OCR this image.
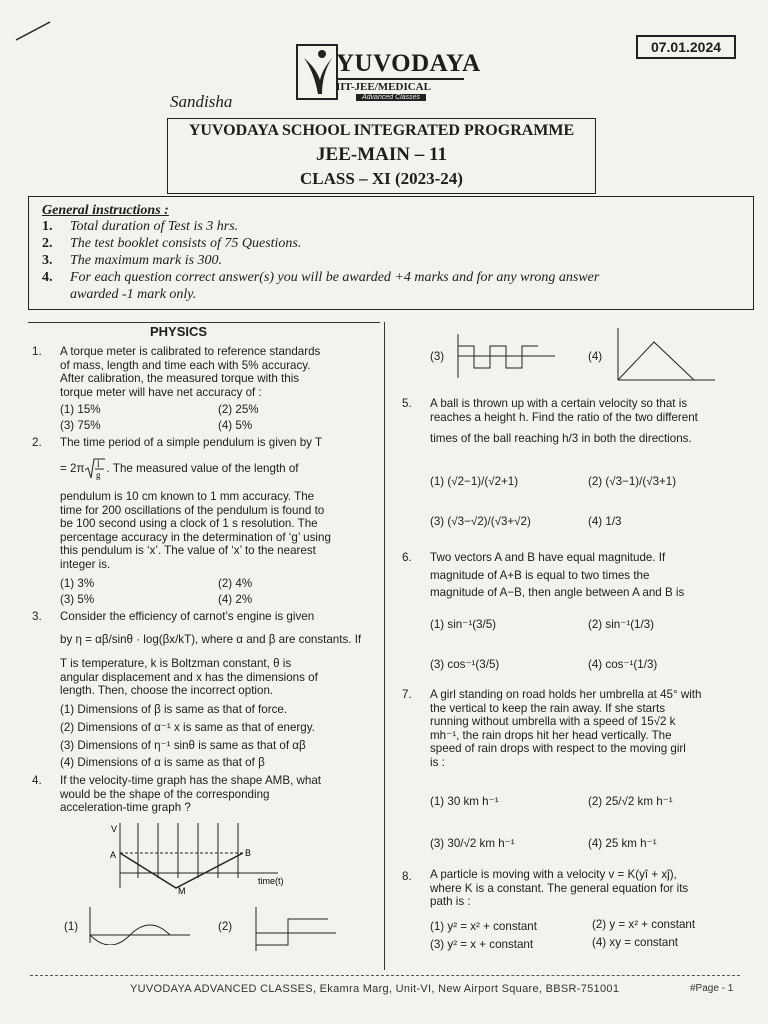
07.01.2024
YUVODAYA
IIT-JEE/MEDICAL
Advanced Classes
Sandisha
YUVODAYA SCHOOL INTEGRATED PROGRAMME
JEE-MAIN – 11
CLASS – XI (2023-24)
General instructions :
1. Total duration of Test is 3 hrs.
2. The test booklet consists of 75 Questions.
3. The maximum mark is 300.
4. For each question correct answer(s) you will be awarded +4 marks and for any wrong answer
awarded -1 mark only.
PHYSICS
1. A torque meter is calibrated to reference standards
of mass, length and time each with 5% accuracy.
After calibration, the measured torque with this
torque meter will have net accuracy of :
(1) 15%	(2) 25%
(3) 75%	(4) 5%
2. The time period of a simple pendulum is given by T
= 2π l
g . The measured value of the length of
pendulum is 10 cm known to 1 mm accuracy. The
time for 200 oscillations of the pendulum is found to
be 100 second using a clock of 1 s resolution. The
percentage accuracy in the determination of ‘g’ using
this pendulum is ‘x’. The value of ‘x’ to the nearest
integer is.
(1) 3%	(2) 4%
(3) 5%	(4) 2%
3. Consider the efficiency of carnot’s engine is given
by η = αβ/sinθ · log(βx/kT), where α and β are constants. If
T is temperature, k is Boltzman constant, θ is
angular displacement and x has the dimensions of
length. Then, choose the incorrect option.
(1) Dimensions of β is same as that of force.
(2) Dimensions of α⁻¹ x is same as that of energy.
(3) Dimensions of η⁻¹ sinθ is same as that of αβ
(4) Dimensions of α is same as that of β
4. If the velocity-time graph has the shape AMB, what
would be the shape of the corresponding
acceleration-time graph ?
V
A	B
M
time(t)
(1)	(2)
(3)	(4)
5. A ball is thrown up with a certain velocity so that is
reaches a height h. Find the ratio of the two different
times of the ball reaching h/3 in both the directions.
(1) (√2−1)/(√2+1)	(2) (√3−1)/(√3+1)
(3) (√3−√2)/(√3+√2)	(4) 1/3
6. Two vectors A and B have equal magnitude. If
magnitude of A+B is equal to two times the
magnitude of A−B, then angle between A and B is
(1) sin⁻¹(3/5)	(2) sin⁻¹(1/3)
(3) cos⁻¹(3/5)	(4) cos⁻¹(1/3)
7. A girl standing on road holds her umbrella at 45° with
the vertical to keep the rain away. If she starts
running without umbrella with a speed of 15√2 k
mh⁻¹, the rain drops hit her head vertically. The
speed of rain drops with respect to the moving girl
is :
(1) 30 km h⁻¹	(2) 25/√2 km h⁻¹
(3) 30/√2 km h⁻¹	(4) 25 km h⁻¹
8. A particle is moving with a velocity v = K(yî + xĵ),
where K is a constant. The general equation for its
path is :
(1) y² = x² + constant	(2) y = x² + constant
(3) y² = x + constant	(4) xy = constant
YUVODAYA ADVANCED CLASSES, Ekamra Marg, Unit-VI, New Airport Square, BBSR-751001	#Page - 1
